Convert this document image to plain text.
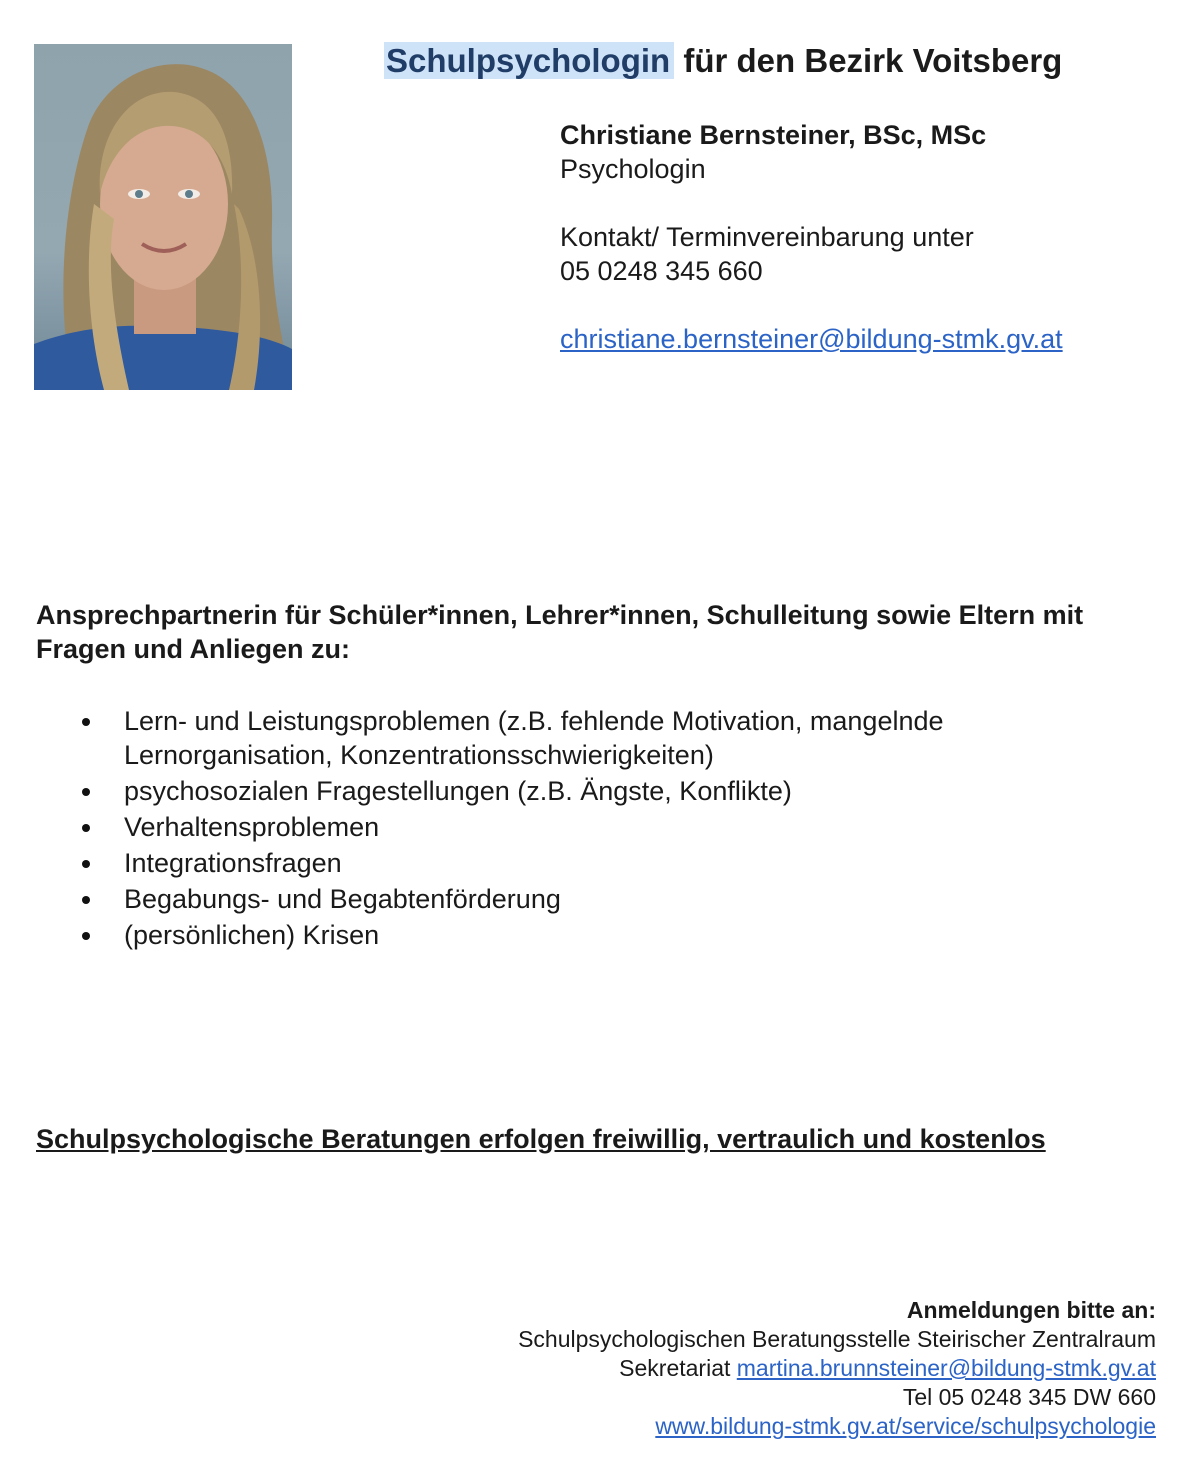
Schulpsychologin für den Bezirk Voitsberg
Christiane Bernsteiner, BSc, MSc
Psychologin
Kontakt/ Terminvereinbarung unter
05 0248 345 660
christiane.bernsteiner@bildung-stmk.gv.at
Ansprechpartnerin für Schüler*innen, Lehrer*innen, Schulleitung sowie Eltern mit Fragen und Anliegen zu:
Lern- und Leistungsproblemen (z.B. fehlende Motivation, mangelnde Lernorganisation, Konzentrationsschwierigkeiten)
psychosozialen Fragestellungen (z.B. Ängste, Konflikte)
Verhaltensproblemen
Integrationsfragen
Begabungs- und Begabtenförderung
(persönlichen) Krisen
Schulpsychologische Beratungen erfolgen freiwillig, vertraulich und kostenlos
Anmeldungen bitte an:
Schulpsychologischen Beratungsstelle Steirischer Zentralraum
Sekretariat martina.brunnsteiner@bildung-stmk.gv.at
Tel 05 0248 345 DW 660
www.bildung-stmk.gv.at/service/schulpsychologie
